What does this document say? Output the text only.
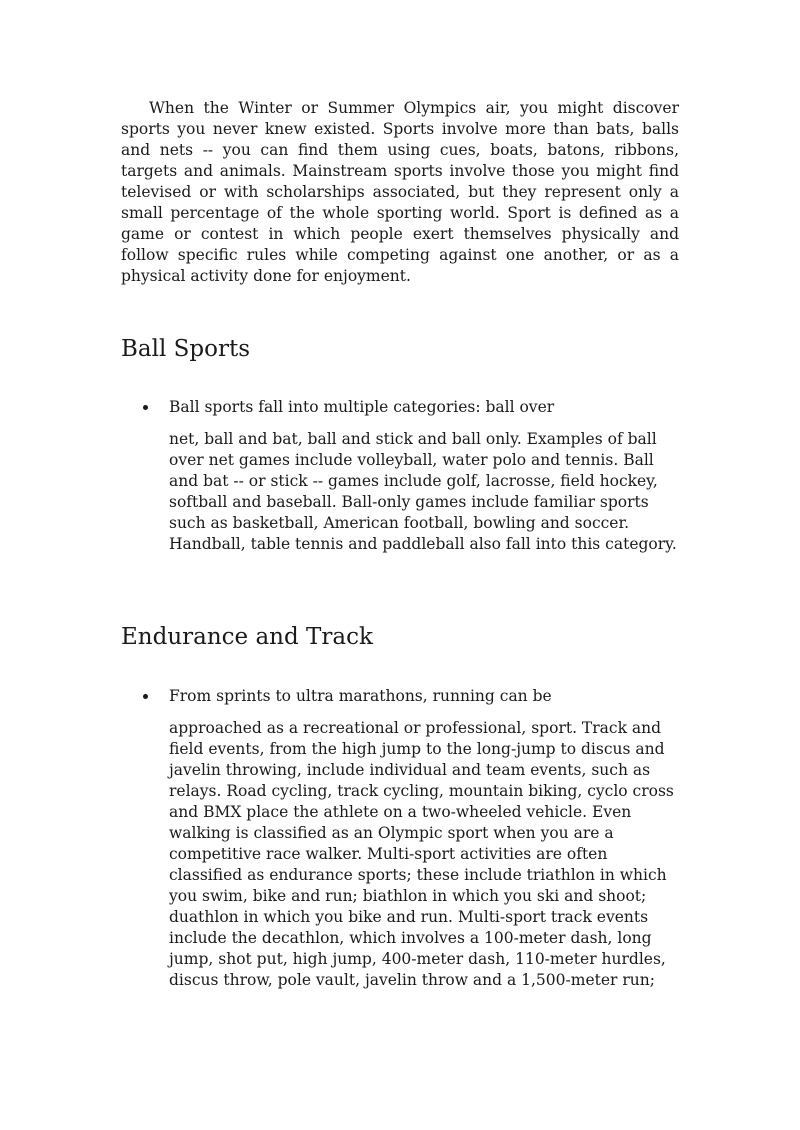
When the Winter or Summer Olympics air, you might discover sports you never knew existed. Sports involve more than bats, balls and nets -- you can find them using cues, boats, batons, ribbons, targets and animals. Mainstream sports involve those you might find televised or with scholarships associated, but they represent only a small percentage of the whole sporting world. Sport is defined as a game or contest in which people exert themselves physically and follow specific rules while competing against one another, or as a physical activity done for enjoyment.

Ball Sports

Ball sports fall into multiple categories: ball over

net, ball and bat, ball and stick and ball only. Examples of ball over net games include volleyball, water polo and tennis. Ball and bat -- or stick -- games include golf, lacrosse, field hockey, softball and baseball. Ball-only games include familiar sports such as basketball, American football, bowling and soccer. Handball, table tennis and paddleball also fall into this category.

Endurance and Track

From sprints to ultra marathons, running can be

approached as a recreational or professional, sport. Track and field events, from the high jump to the long-jump to discus and javelin throwing, include individual and team events, such as relays. Road cycling, track cycling, mountain biking, cyclo cross and BMX place the athlete on a two-wheeled vehicle. Even walking is classified as an Olympic sport when you are a competitive race walker. Multi-sport activities are often classified as endurance sports; these include triathlon in which you swim, bike and run; biathlon in which you ski and shoot; duathlon in which you bike and run. Multi-sport track events include the decathlon, which involves a 100-meter dash, long jump, shot put, high jump, 400-meter dash, 110-meter hurdles, discus throw, pole vault, javelin throw and a 1,500-meter run;
